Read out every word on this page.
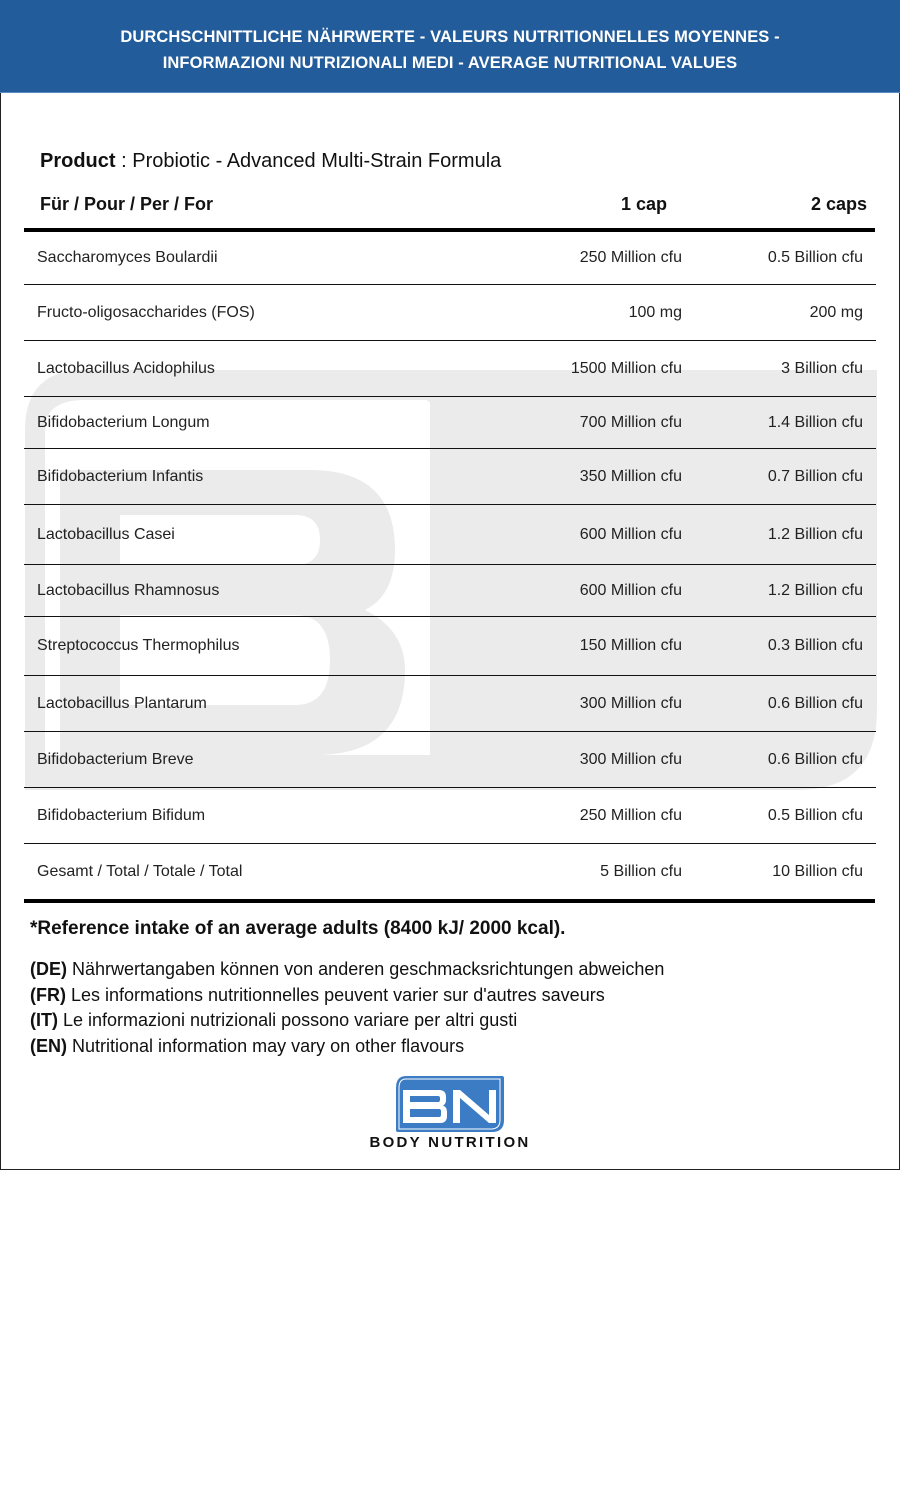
DURCHSCHNITTLICHE NÄHRWERTE - VALEURS NUTRITIONNELLES MOYENNES -
INFORMAZIONI NUTRIZIONALI MEDI - AVERAGE NUTRITIONAL VALUES
Product : Probiotic - Advanced Multi-Strain Formula
Für / Pour / Per / For	1 cap	2 caps
Saccharomyces Boulardii	250 Million cfu	0.5 Billion cfu
Fructo-oligosaccharides (FOS)	100 mg	200 mg
Lactobacillus Acidophilus	1500 Million cfu	3 Billion cfu
Bifidobacterium Longum	700 Million cfu	1.4 Billion cfu
Bifidobacterium Infantis	350 Million cfu	0.7 Billion cfu
Lactobacillus Casei	600 Million cfu	1.2 Billion cfu
Lactobacillus Rhamnosus	600 Million cfu	1.2 Billion cfu
Streptococcus Thermophilus	150 Million cfu	0.3 Billion cfu
Lactobacillus Plantarum	300 Million cfu	0.6 Billion cfu
Bifidobacterium Breve	300 Million cfu	0.6 Billion cfu
Bifidobacterium Bifidum	250 Million cfu	0.5 Billion cfu
Gesamt / Total / Totale / Total	5 Billion cfu	10 Billion cfu
*Reference intake of an average adults (8400 kJ/ 2000 kcal).
(DE) Nährwertangaben können von anderen geschmacksrichtungen abweichen
(FR) Les informations nutritionnelles peuvent varier sur d'autres saveurs
(IT) Le informazioni nutrizionali possono variare per altri gusti
(EN) Nutritional information may vary on other flavours
BODY NUTRITION
